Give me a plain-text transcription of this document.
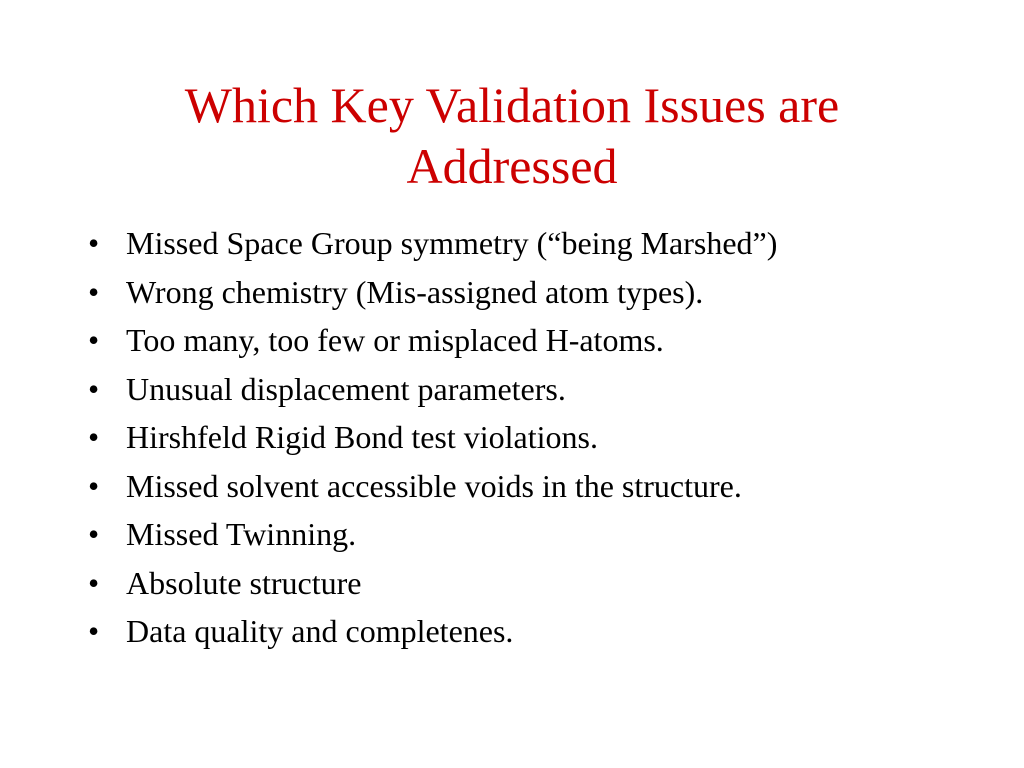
Which Key Validation Issues are Addressed
• Missed Space Group symmetry (“being Marshed”)
• Wrong chemistry (Mis-assigned atom types).
• Too many, too few or misplaced H-atoms.
• Unusual displacement parameters.
• Hirshfeld Rigid Bond test violations.
• Missed solvent accessible voids in the structure.
• Missed Twinning.
• Absolute structure
• Data quality and completenes.
